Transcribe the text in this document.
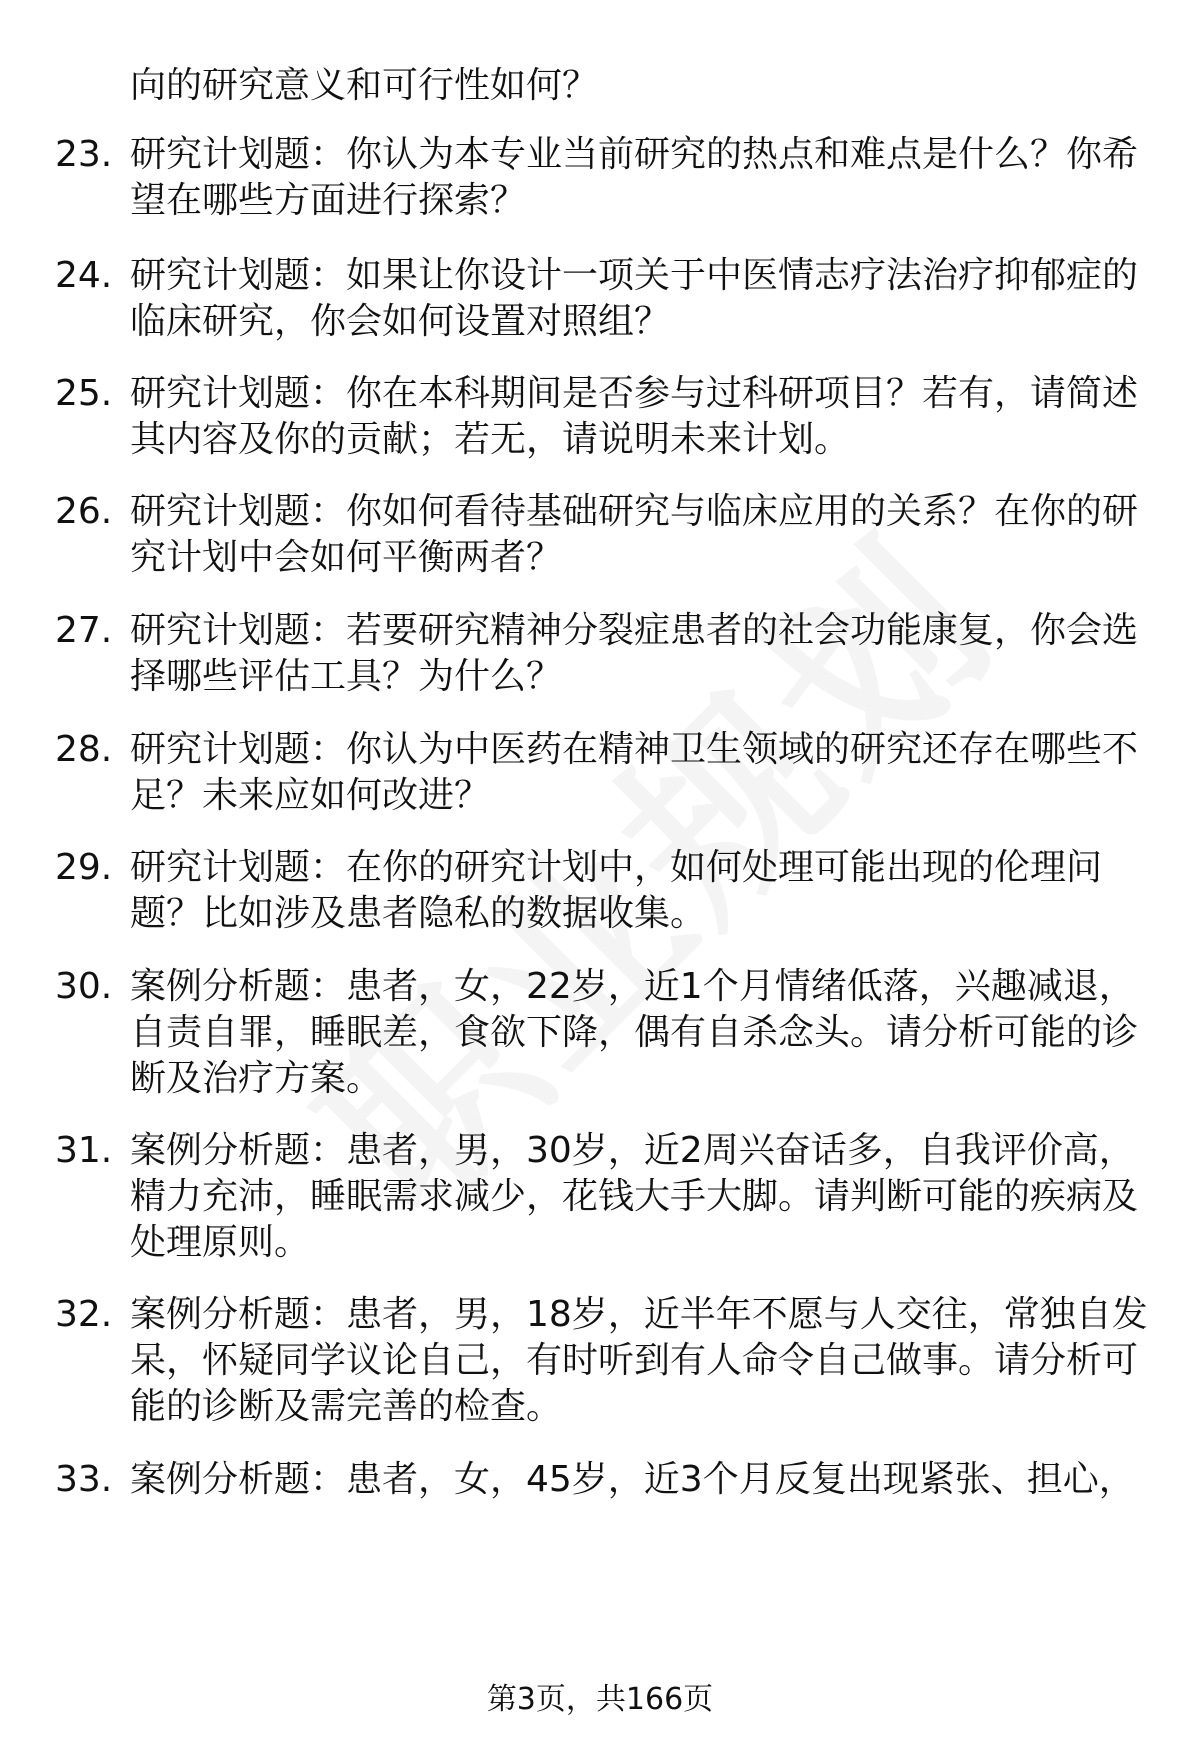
向的研究意义和可行性如何？
23. 研究计划题：你认为本专业当前研究的热点和难点是什么？你希望在哪些方面进行探索？
24. 研究计划题：如果让你设计一项关于中医情志疗法治疗抑郁症的临床研究，你会如何设置对照组？
25. 研究计划题：你在本科期间是否参与过科研项目？若有，请简述其内容及你的贡献；若无，请说明未来计划。
26. 研究计划题：你如何看待基础研究与临床应用的关系？在你的研究计划中会如何平衡两者？
27. 研究计划题：若要研究精神分裂症患者的社会功能康复，你会选择哪些评估工具？为什么？
28. 研究计划题：你认为中医药在精神卫生领域的研究还存在哪些不足？未来应如何改进？
29. 研究计划题：在你的研究计划中，如何处理可能出现的伦理问题？比如涉及患者隐私的数据收集。
30. 案例分析题：患者，女，22岁，近1个月情绪低落，兴趣减退，自责自罪，睡眠差，食欲下降，偶有自杀念头。请分析可能的诊断及治疗方案。
31. 案例分析题：患者，男，30岁，近2周兴奋话多，自我评价高，精力充沛，睡眠需求减少，花钱大手大脚。请判断可能的疾病及处理原则。
32. 案例分析题：患者，男，18岁，近半年不愿与人交往，常独自发呆，怀疑同学议论自己，有时听到有人命令自己做事。请分析可能的诊断及需完善的检查。
33. 案例分析题：患者，女，45岁，近3个月反复出现紧张、担心，
第3页，共166页
